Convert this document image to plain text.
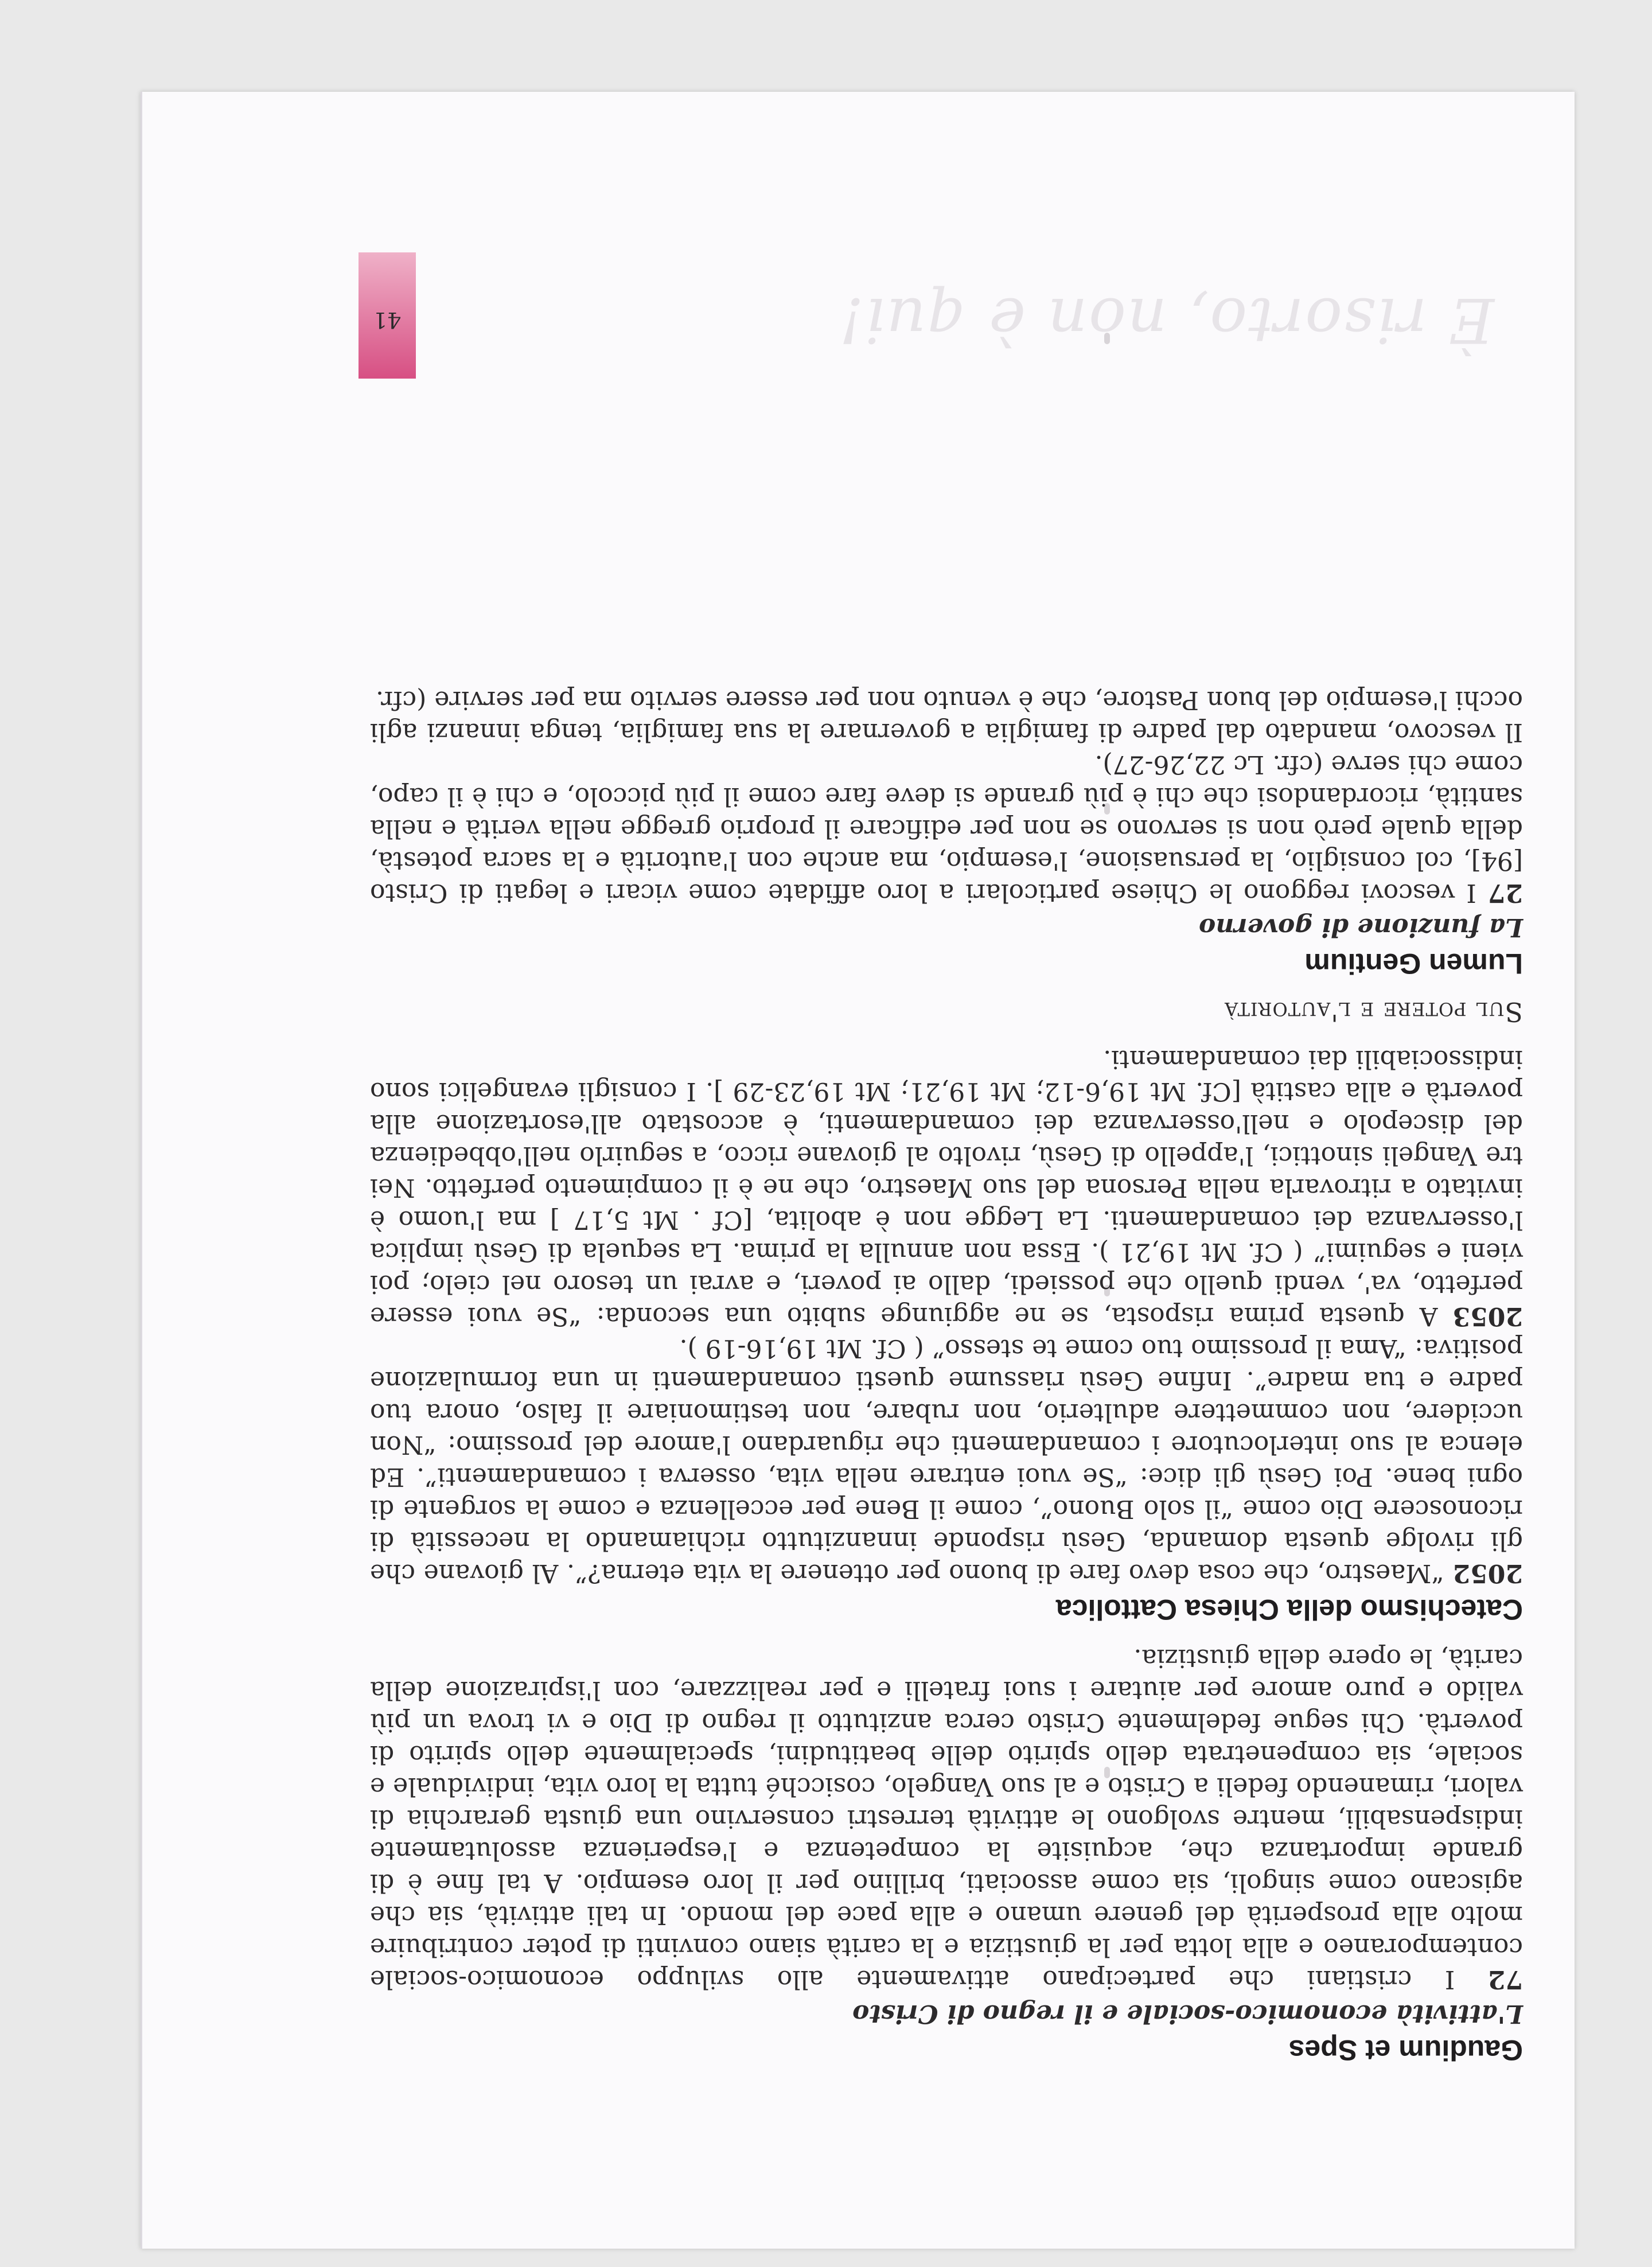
È risorto, non è qui!
41
Gaudium et Spes
L'attività economico-sociale e il regno di Cristo

72 I cristiani che partecipano attivamente allo sviluppo economico-sociale contemporaneo e alla lotta per la giustizia e la carità siano convinti di poter contribuire molto alla prosperità del genere umano e alla pace del mondo. In tali attività, sia che agiscano come singoli, sia come associati, brillino per il loro esempio. A tal fine è di grande importanza che, acquisite la competenza e l'esperienza assolutamente indispensabili, mentre svolgono le attività terrestri conservino una giusta gerarchia di valori, rimanendo fedeli a Cristo e al suo Vangelo, cosicché tutta la loro vita, individuale e sociale, sia compenetrata dello spirito delle beatitudini, specialmente dello spirito di povertà. Chi segue fedelmente Cristo cerca anzitutto il regno di Dio e vi trova un più valido e puro amore per aiutare i suoi fratelli e per realizzare, con l'ispirazione della carità, le opere della giustizia.

Catechismo della Chiesa Cattolica

2052 “Maestro, che cosa devo fare di buono per ottenere la vita eterna?”. Al giovane che gli rivolge questa domanda, Gesù risponde innanzitutto richiamando la necessità di riconoscere Dio come “il solo Buono”, come il Bene per eccellenza e come la sorgente di ogni bene. Poi Gesù gli dice: “Se vuoi entrare nella vita, osserva i comandamenti”. Ed elenca al suo interlocutore i comandamenti che riguardano l'amore del prossimo: “Non uccidere, non commettere adulterio, non rubare, non testimoniare il falso, onora tuo padre e tua madre”. Infine Gesù riassume questi comandamenti in una formulazione positiva: “Ama il prossimo tuo come te stesso” ( Cf. Mt 19,16-19 ).

2053 A questa prima risposta, se ne aggiunge subito una seconda: “Se vuoi essere perfetto, va', vendi quello che possiedi, dallo ai poveri, e avrai un tesoro nel cielo; poi vieni e seguimi” ( Cf. Mt 19,21 ). Essa non annulla la prima. La sequela di Gesù implica l'osservanza dei comandamenti. La Legge non è abolita, [Cf . Mt 5,17 ] ma l'uomo è invitato a ritrovarla nella Persona del suo Maestro, che ne è il compimento perfetto. Nei tre Vangeli sinottici, l'appello di Gesù, rivolto al giovane ricco, a seguirlo nell'obbedienza del discepolo e nell'osservanza dei comandamenti, è accostato all'esortazione alla povertà e alla castità [Cf. Mt 19,6-12; Mt 19,21; Mt 19,23-29 ]. I consigli evangelici sono indissociabili dai comandamenti.

Sul potere e l'autorità
Lumen Gentium
La funzione di governo

27 I vescovi reggono le Chiese particolari a loro affidate come vicari e legati di Cristo [94], col consiglio, la persuasione, l'esempio, ma anche con l'autorità e la sacra potestà, della quale però non si servono se non per edificare il proprio gregge nella verità e nella santità, ricordandosi che chi è più grande si deve fare come il più piccolo, e chi è il capo, come chi serve (cfr. Lc 22,26-27).

Il vescovo, mandato dal padre di famiglia a governare la sua famiglia, tenga innanzi agli occhi l'esempio del buon Pastore, che è venuto non per essere servito ma per servire (cfr.
